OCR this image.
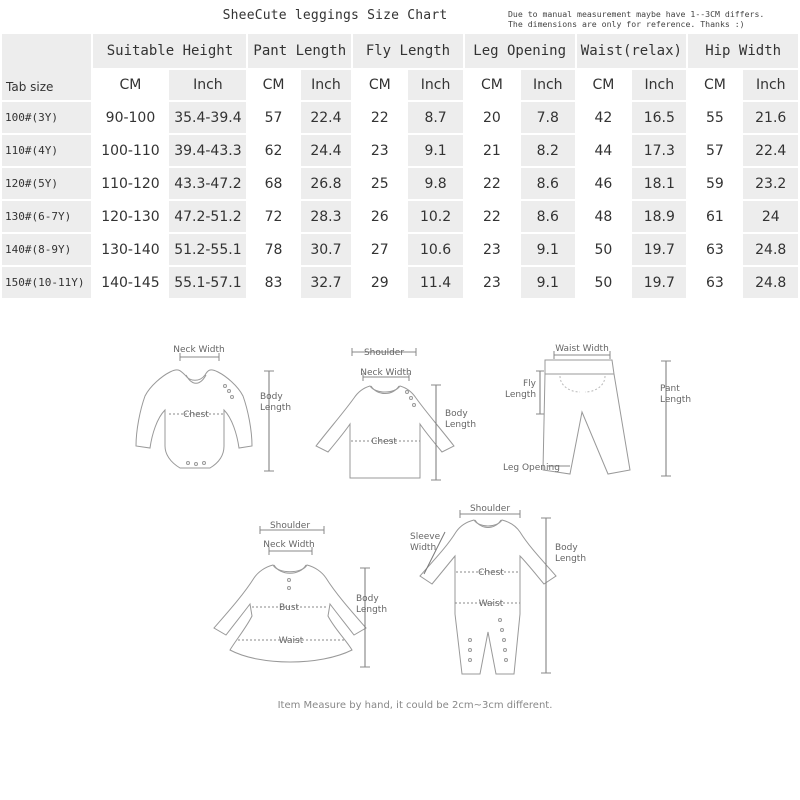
SheeCute leggings Size Chart	Due to manual measurement maybe have 1--3CM differs.
The dimensions are only for reference. Thanks :)
Tab size	Suitable Height		Pant Length		Fly Length		Leg Opening		Waist(relax)		Hip Width	
	CM	Inch	CM	Inch	CM	Inch	CM	Inch	CM	Inch	CM	Inch
100#(3Y)	90-100	35.4-39.4	57	22.4	22	8.7	20	7.8	42	16.5	55	21.6
110#(4Y)	100-110	39.4-43.3	62	24.4	23	9.1	21	8.2	44	17.3	57	22.4
120#(5Y)	110-120	43.3-47.2	68	26.8	25	9.8	22	8.6	46	18.1	59	23.2
130#(6-7Y)	120-130	47.2-51.2	72	28.3	26	10.2	22	8.6	48	18.9	61	24
140#(8-9Y)	130-140	51.2-55.1	78	30.7	27	10.6	23	9.1	50	19.7	63	24.8
150#(10-11Y)	140-145	55.1-57.1	83	32.7	29	11.4	23	9.1	50	19.7	63	24.8
Neck Width
Chest
Body
Length
Shoulder
Neck Width
Chest
Body
Length
Waist Width
Fly
Length
Pant
Length
Leg Opening
Shoulder
Neck Width
Bust
Waist
Body
Length
Shoulder
Sleeve
Width
Chest
Waist
Body
Length
Item Measure by hand, it could be 2cm~3cm different.
